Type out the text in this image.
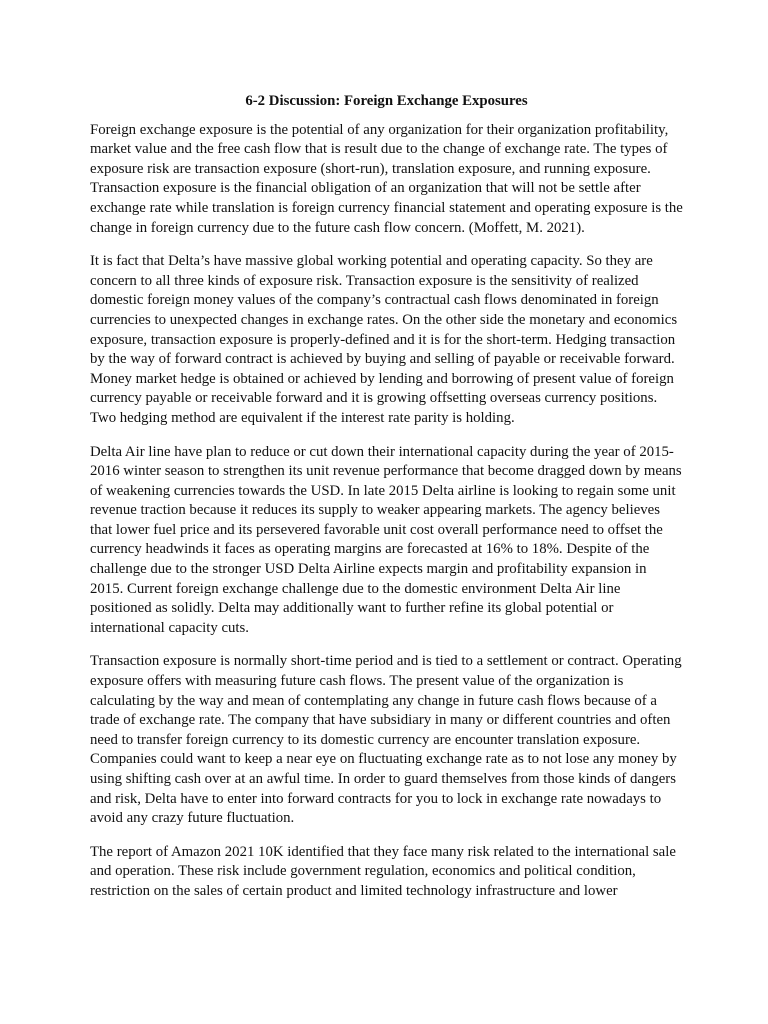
6-2 Discussion: Foreign Exchange Exposures

Foreign exchange exposure is the potential of any organization for their organization profitability, market value and the free cash flow that is result due to the change of exchange rate. The types of exposure risk are transaction exposure (short-run), translation exposure, and running exposure. Transaction exposure is the financial obligation of an organization that will not be settle after exchange rate while translation is foreign currency financial statement and operating exposure is the change in foreign currency due to the future cash flow concern. (Moffett, M. 2021).

It is fact that Delta’s have massive global working potential and operating capacity. So they are concern to all three kinds of exposure risk. Transaction exposure is the sensitivity of realized domestic foreign money values of the company’s contractual cash flows denominated in foreign currencies to unexpected changes in exchange rates. On the other side the monetary and economics exposure, transaction exposure is properly-defined and it is for the short-term. Hedging transaction by the way of forward contract is achieved by buying and selling of payable or receivable forward. Money market hedge is obtained or achieved by lending and borrowing of present value of foreign currency payable or receivable forward and it is growing offsetting overseas currency positions. Two hedging method are equivalent if the interest rate parity is holding.

Delta Air line have plan to reduce or cut down their international capacity during the year of 2015-2016 winter season to strengthen its unit revenue performance that become dragged down by means of weakening currencies towards the USD. In late 2015 Delta airline is looking to regain some unit revenue traction because it reduces its supply to weaker appearing markets. The agency believes that lower fuel price and its persevered favorable unit cost overall performance need to offset the currency headwinds it faces as operating margins are forecasted at 16% to 18%. Despite of the challenge due to the stronger USD Delta Airline expects margin and profitability expansion in 2015. Current foreign exchange challenge due to the domestic environment Delta Air line positioned as solidly. Delta may additionally want to further refine its global potential or international capacity cuts.

Transaction exposure is normally short-time period and is tied to a settlement or contract. Operating exposure offers with measuring future cash flows. The present value of the organization is calculating by the way and mean of contemplating any change in future cash flows because of a trade of exchange rate. The company that have subsidiary in many or different countries and often need to transfer foreign currency to its domestic currency are encounter translation exposure. Companies could want to keep a near eye on fluctuating exchange rate as to not lose any money by using shifting cash over at an awful time. In order to guard themselves from those kinds of dangers and risk, Delta have to enter into forward contracts for you to lock in exchange rate nowadays to avoid any crazy future fluctuation.

The report of Amazon 2021 10K identified that they face many risk related to the international sale and operation. These risk include government regulation, economics and political condition, restriction on the sales of certain product and limited technology infrastructure and lower
